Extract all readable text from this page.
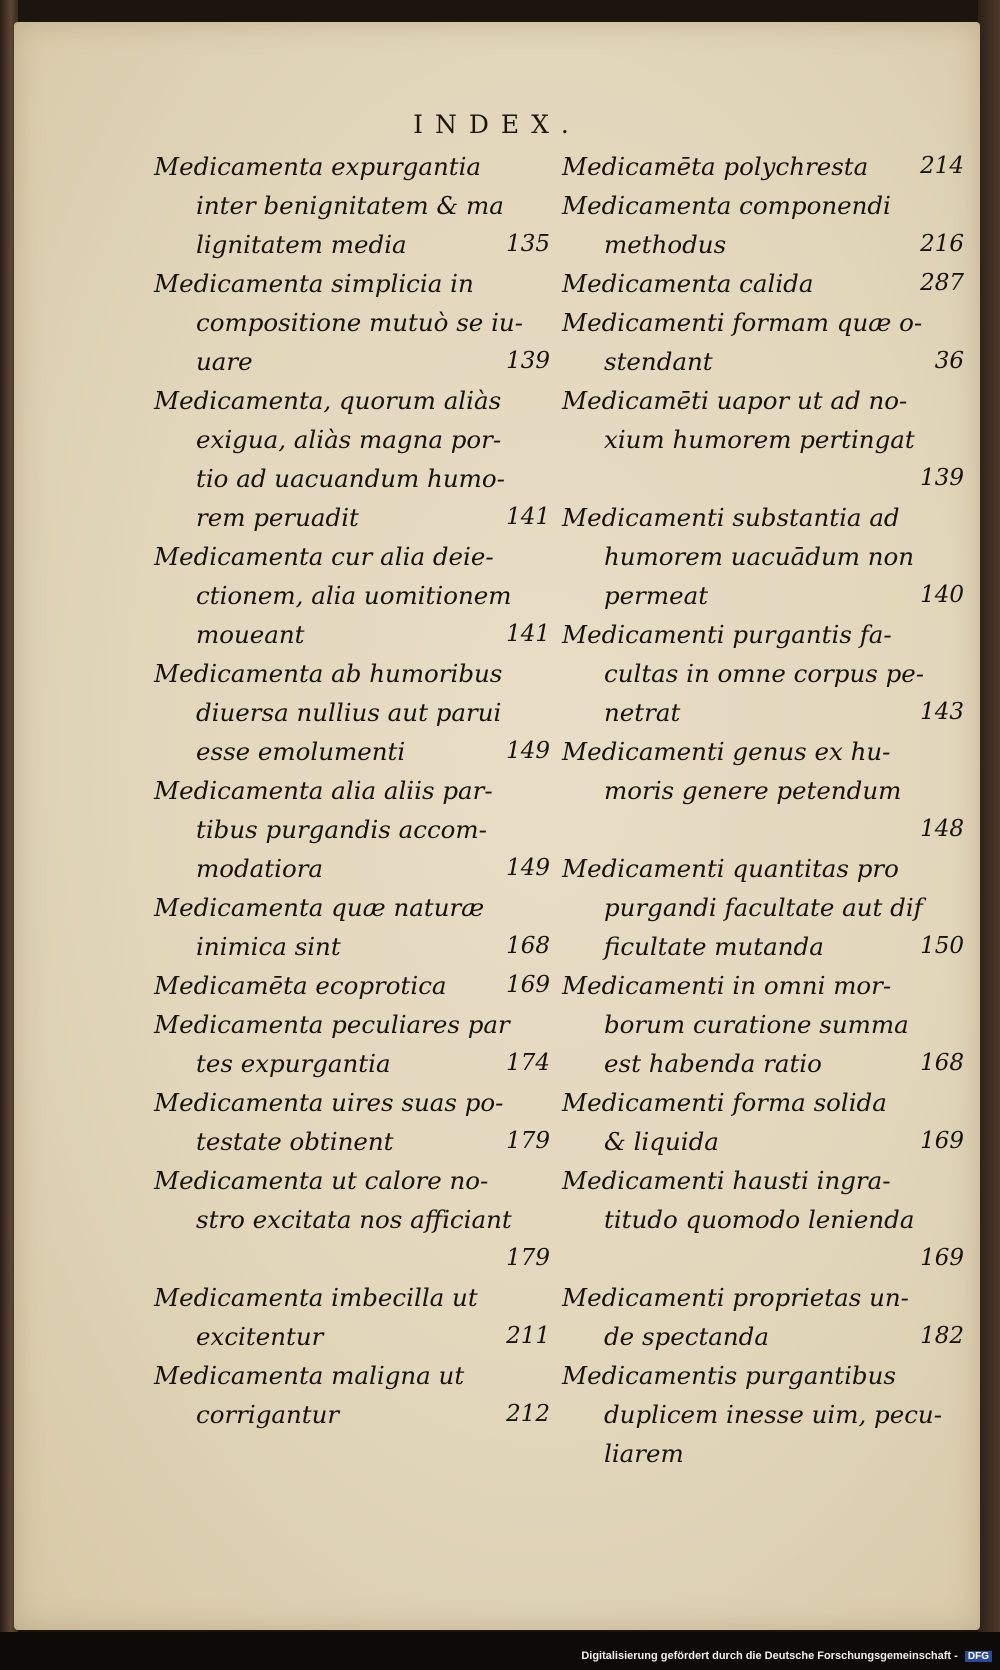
INDEX.
Medicamenta expurgantia
inter benignitatem & ma
lignitatem media	135
Medicamenta simplicia in
compositione mutuò se iu-
uare	139
Medicamenta, quorum aliàs
exigua, aliàs magna por-
tio ad uacuandum humo-
rem peruadit	141
Medicamenta cur alia deie-
ctionem, alia uomitionem
moueant	141
Medicamenta ab humoribus
diuersa nullius aut parui
esse emolumenti	149
Medicamenta alia aliis par-
tibus purgandis accom-
modatiora	149
Medicamenta quæ naturæ
inimica sint	168
Medicamēta ecoprotica	169
Medicamenta peculiares par
tes expurgantia	174
Medicamenta uires suas po-
testate obtinent	179
Medicamenta ut calore no-
stro excitata nos afficiant
179
Medicamenta imbecilla ut
excitentur	211
Medicamenta maligna ut
corrigantur	212
Medicamēta polychresta 214
Medicamenta componendi
methodus	216
Medicamenta calida	287
Medicamenti formam quæ o-
stendant	36
Medicamēti uapor ut ad no-
xium humorem pertingat
139
Medicamenti substantia ad
humorem uacuādum non
permeat	140
Medicamenti purgantis fa-
cultas in omne corpus pe-
netrat	143
Medicamenti genus ex hu-
moris genere petendum
148
Medicamenti quantitas pro
purgandi facultate aut dif
ficultate mutanda	150
Medicamenti in omni mor-
borum curatione summa
est habenda ratio	168
Medicamenti forma solida
& liquida	169
Medicamenti hausti ingra-
titudo quomodo lenienda
169
Medicamenti proprietas un-
de spectanda	182
Medicamentis purgantibus
duplicem inesse uim, pecu-
liarem
Digitalisierung gefördert durch die Deutsche Forschungsgemeinschaft - DFG
